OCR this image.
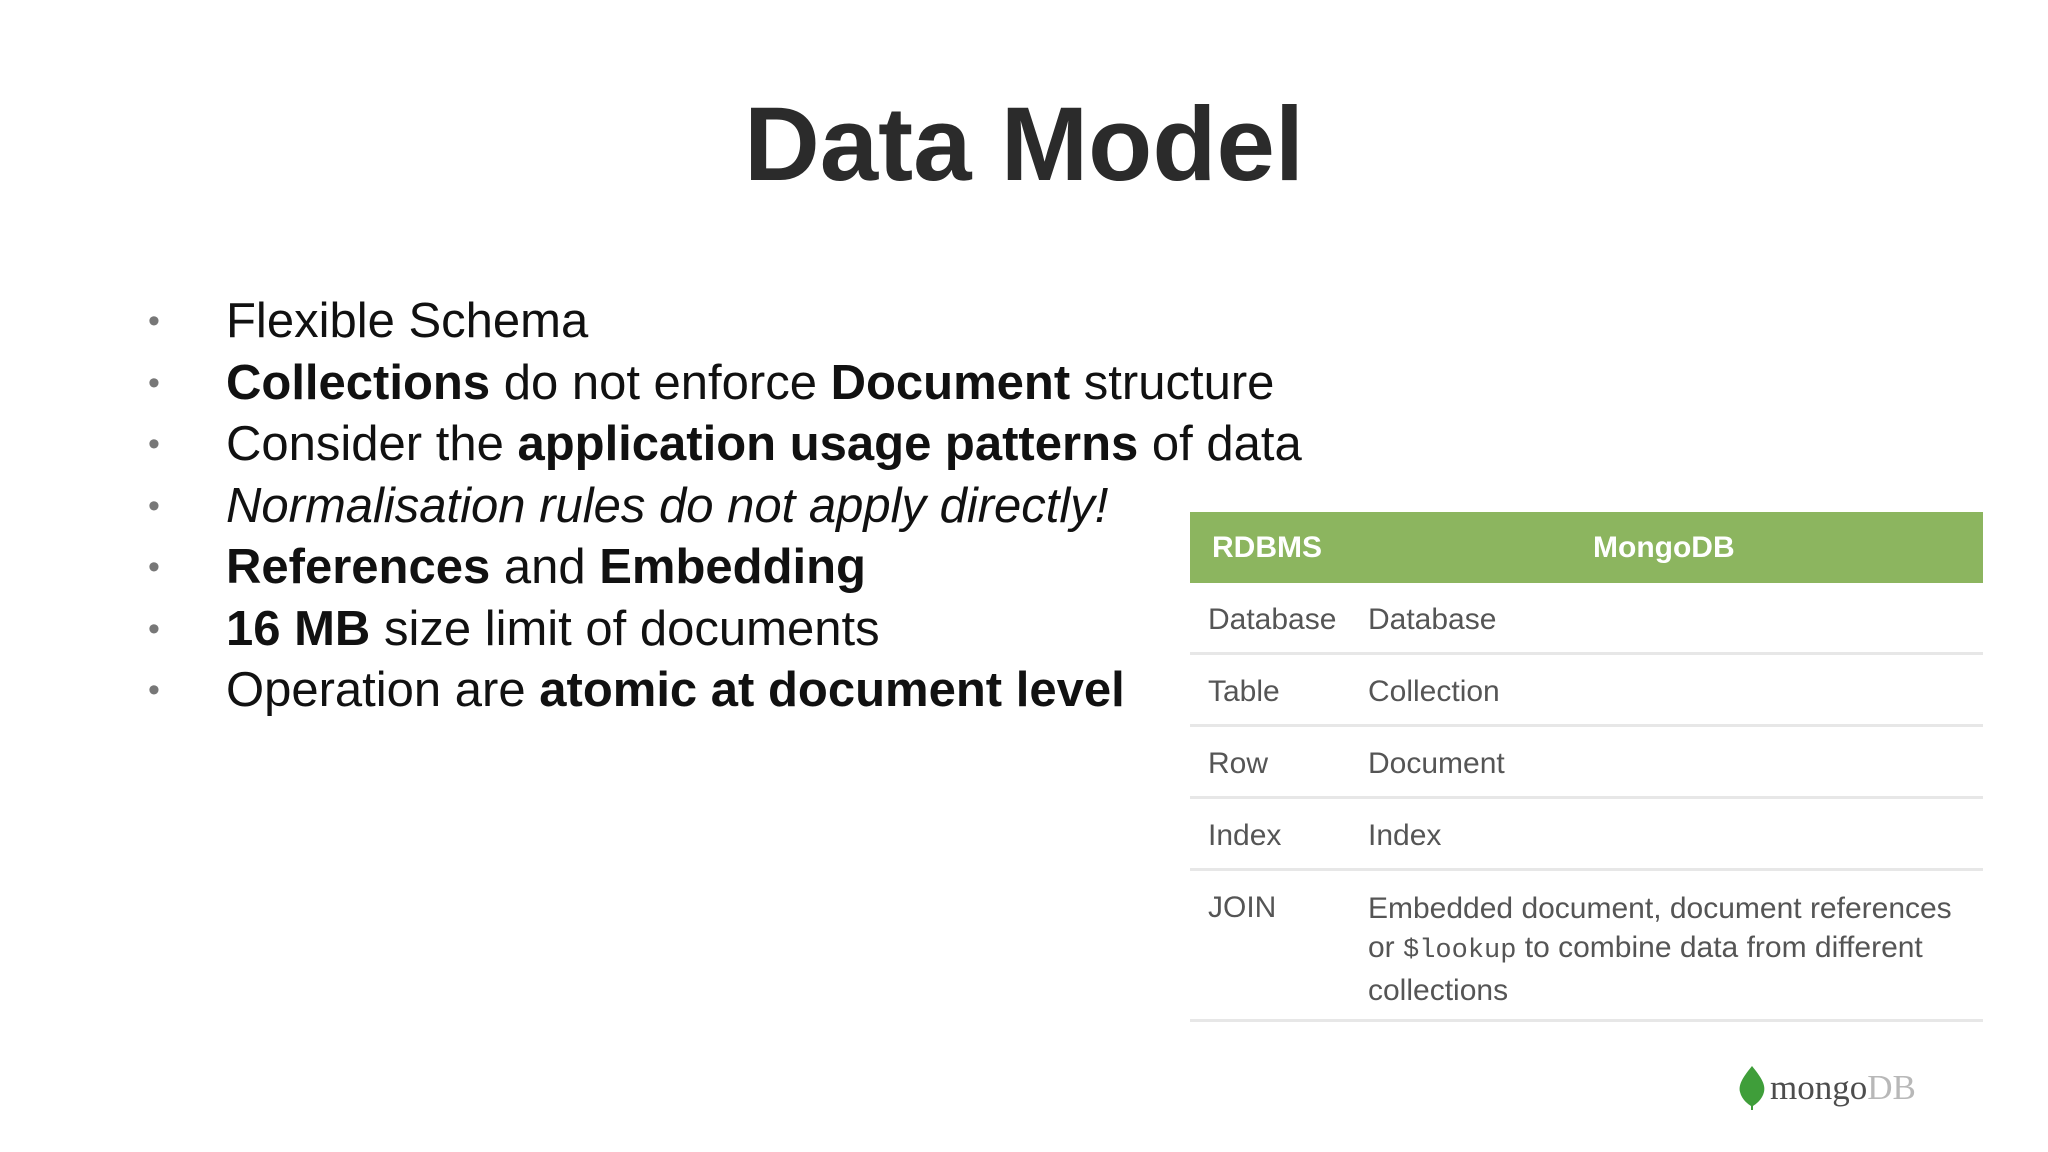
Data Model
• Flexible Schema
• Collections do not enforce Document structure
• Consider the application usage patterns of data
• Normalisation rules do not apply directly!
• References and Embedding
• 16 MB size limit of documents
• Operation are atomic at document level
RDBMS	MongoDB
Database Database
Table	Collection
Row	Document
Index	Index
JOIN	Embedded document, document references or $lookup to combine data from different collections
mongo DB
